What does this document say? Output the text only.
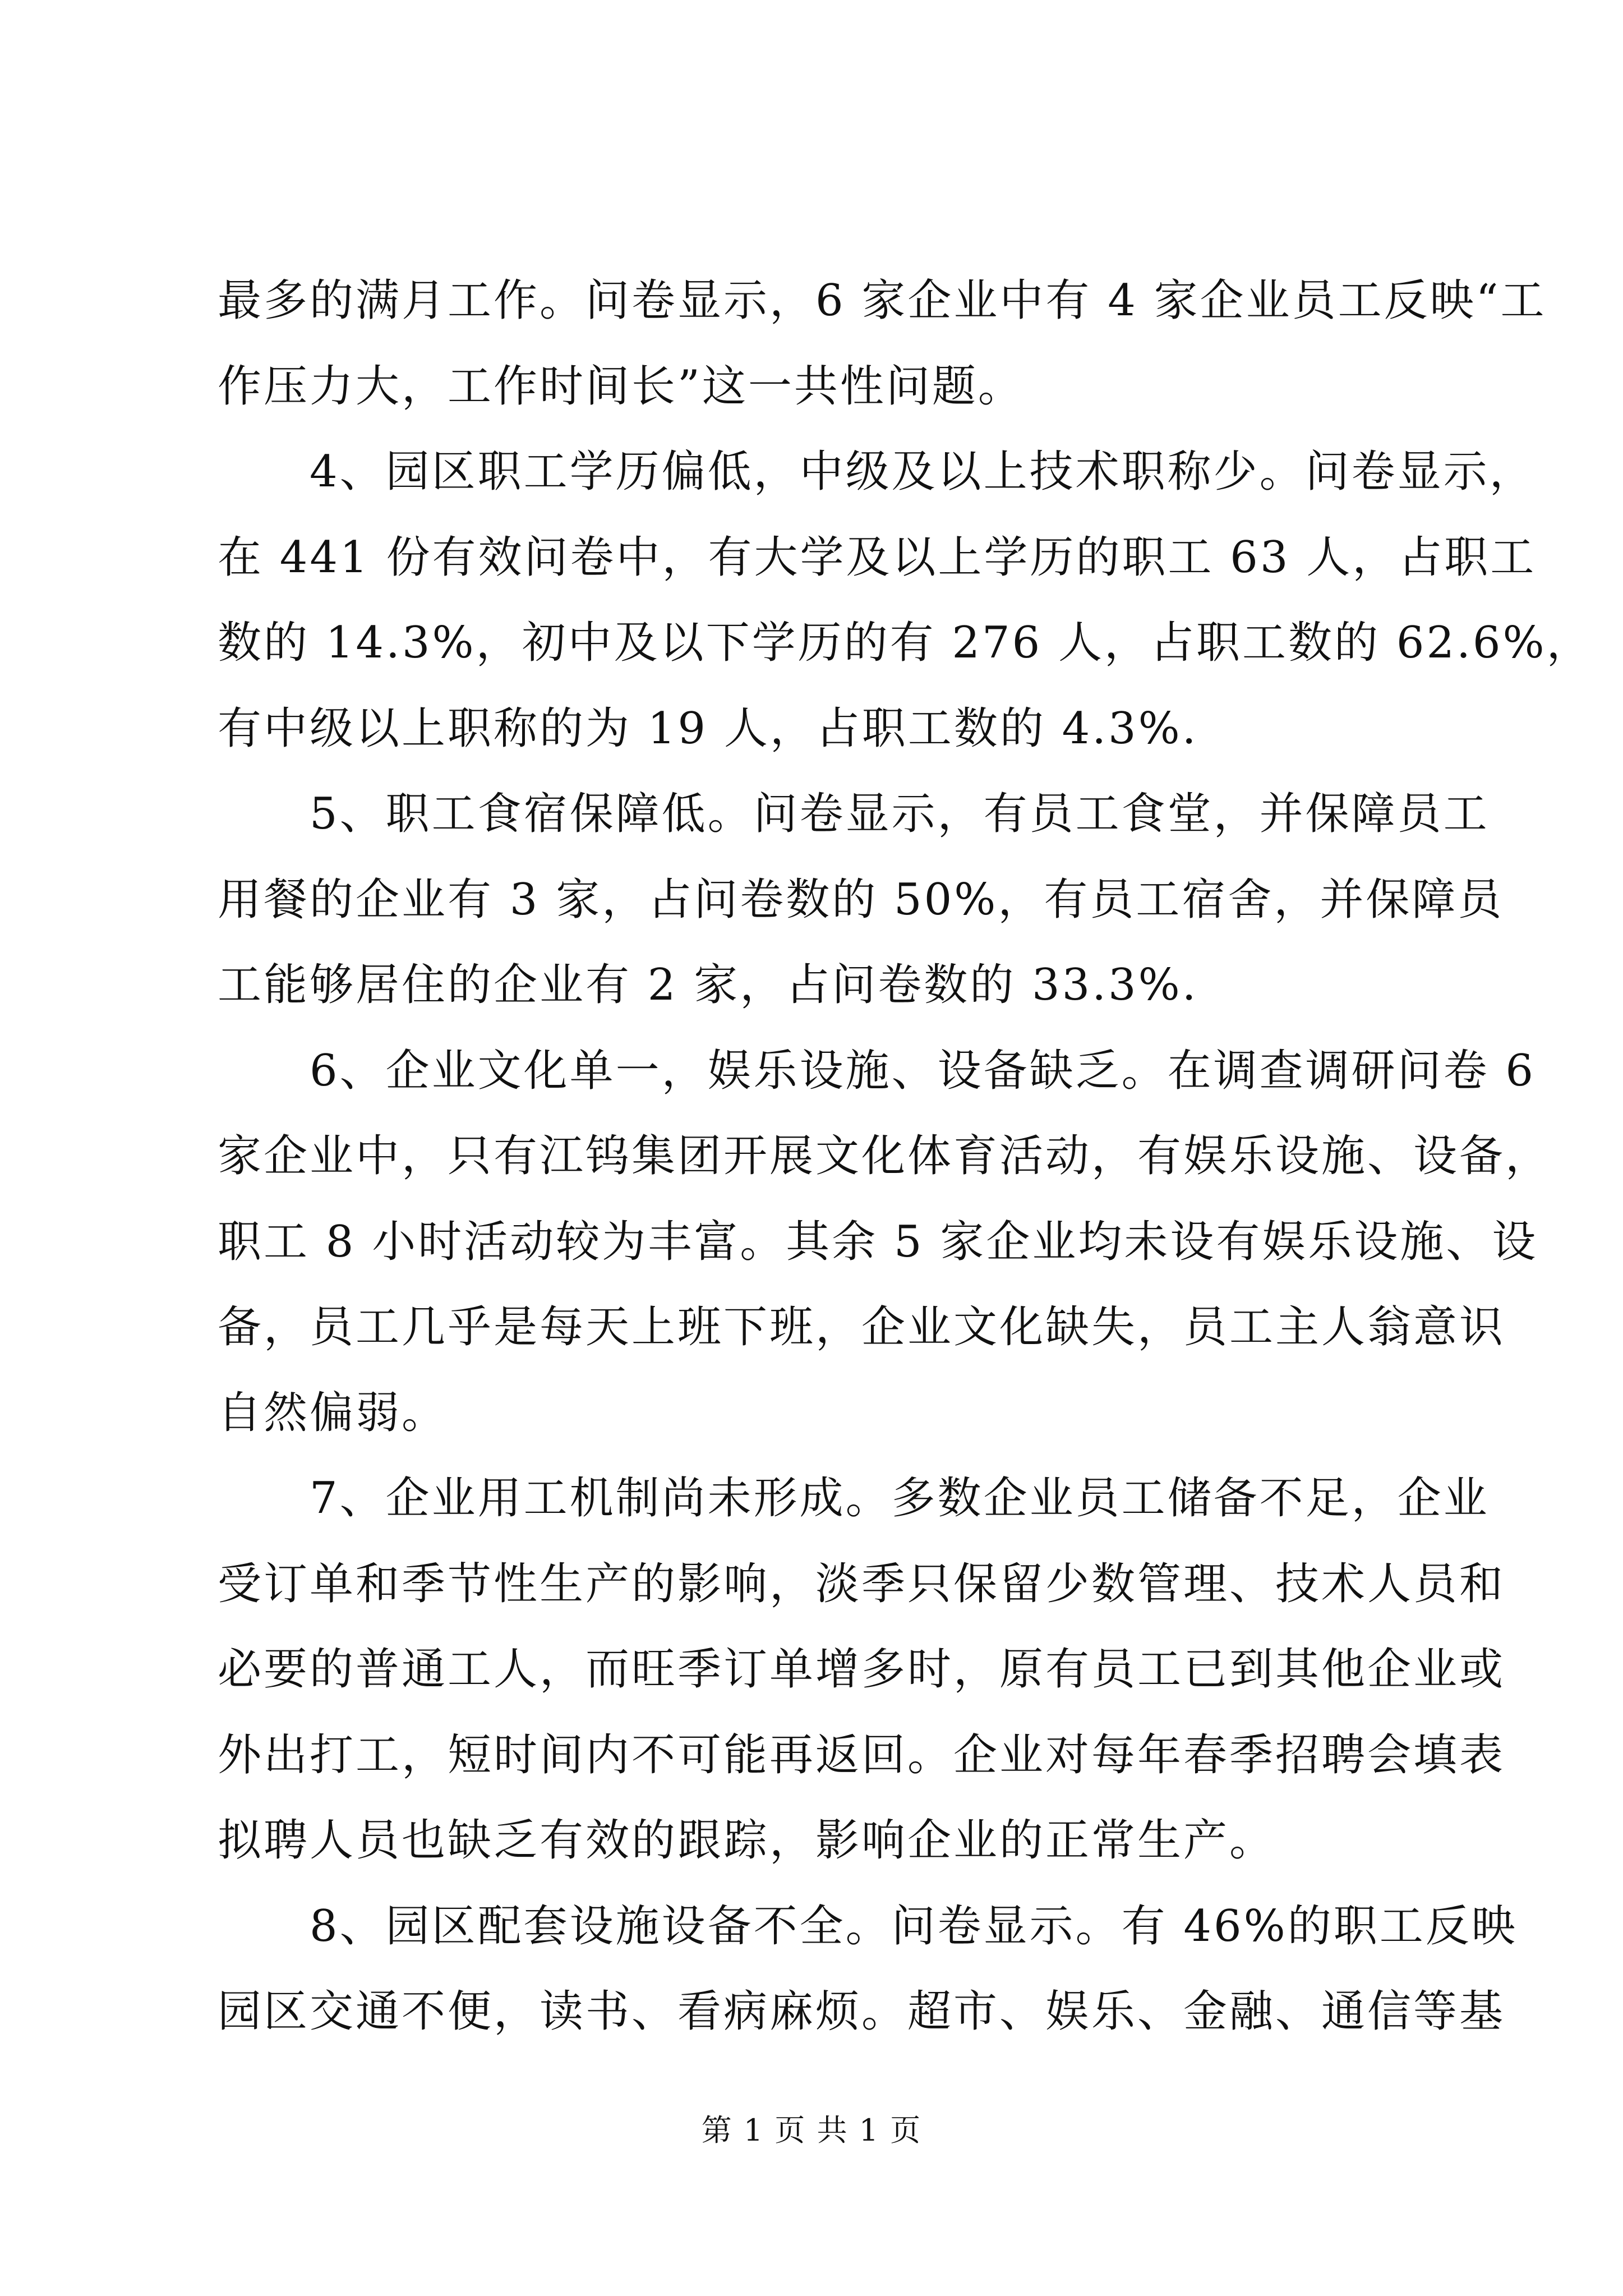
最多的满月工作。问卷显示，6 家企业中有 4 家企业员工反映“工
作压力大，工作时间长”这一共性问题。

4、园区职工学历偏低，中级及以上技术职称少。问卷显示，
在 441 份有效问卷中，有大学及以上学历的职工 63 人，占职工
数的 14.3%，初中及以下学历的有 276 人，占职工数的 62.6%，
有中级以上职称的为 19 人，占职工数的 4.3%.

5、职工食宿保障低。问卷显示，有员工食堂，并保障员工
用餐的企业有 3 家，占问卷数的 50%，有员工宿舍，并保障员
工能够居住的企业有 2 家，占问卷数的 33.3%.

6、企业文化单一，娱乐设施、设备缺乏。在调查调研问卷 6
家企业中，只有江钨集团开展文化体育活动，有娱乐设施、设备，
职工 8 小时活动较为丰富。其余 5 家企业均未设有娱乐设施、设
备，员工几乎是每天上班下班，企业文化缺失，员工主人翁意识
自然偏弱。

7、企业用工机制尚未形成。多数企业员工储备不足，企业
受订单和季节性生产的影响，淡季只保留少数管理、技术人员和
必要的普通工人，而旺季订单增多时，原有员工已到其他企业或
外出打工，短时间内不可能再返回。企业对每年春季招聘会填表
拟聘人员也缺乏有效的跟踪，影响企业的正常生产。

8、园区配套设施设备不全。问卷显示。有 46%的职工反映
园区交通不便，读书、看病麻烦。超市、娱乐、金融、通信等基

第 1 页 共 1 页
